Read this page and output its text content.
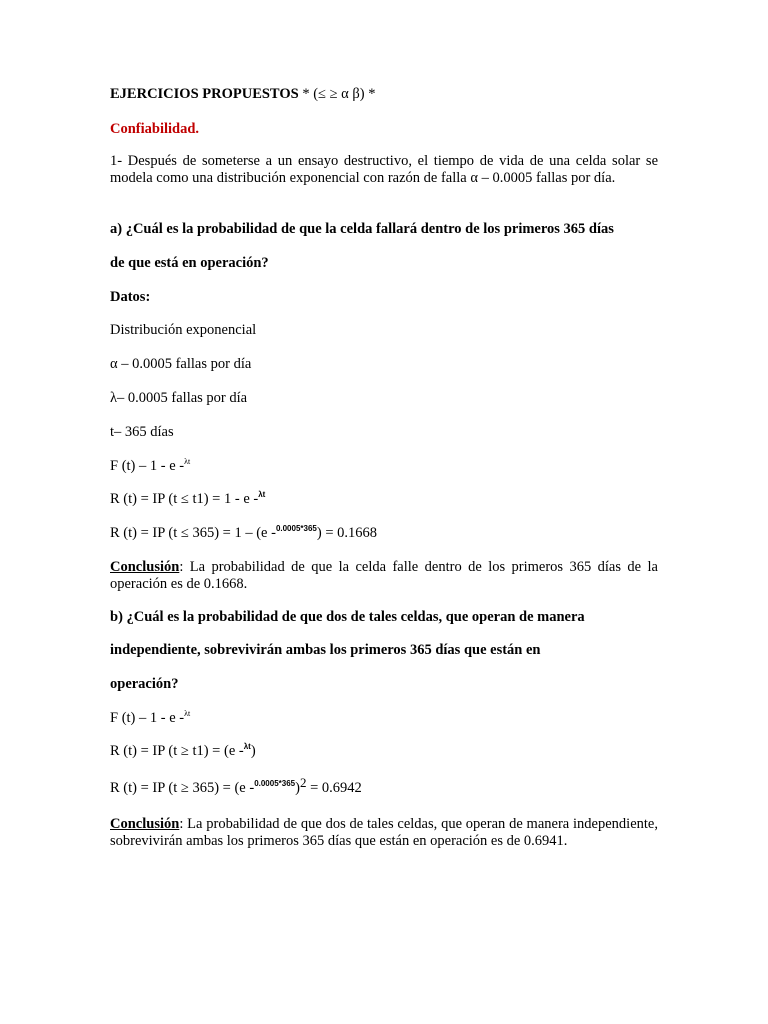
EJERCICIOS PROPUESTOS * (≤ ≥ α β) *
Confiabilidad.
1- Después de someterse a un ensayo destructivo, el tiempo de vida de una celda solar se modela como una distribución exponencial con razón de falla α ‒ 0.0005 fallas por día.
a) ¿Cuál es la probabilidad de que la celda fallará dentro de los primeros 365 días
de que está en operación?
Datos:
Distribución exponencial
α ‒ 0.0005 fallas por día
λ‒ 0.0005 fallas por día
t‒ 365 días
F (t) ‒ 1 - e -$^{\lambda t}$
R (t) = IP (t ≤ t1) = 1 - e -$^{\lambda t}$
R (t) = IP (t ≤ 365) = 1 – (e -$^{0.0005*365}$) = 0.1668
Conclusión: La probabilidad de que la celda falle dentro de los primeros 365 días de la operación es de 0.1668.
b) ¿Cuál es la probabilidad de que dos de tales celdas, que operan de manera
independiente, sobrevivirán ambas los primeros 365 días que están en
operación?
F (t) ‒ 1 - e -$^{\lambda t}$
R (t) = IP (t ≥ t1) = (e -$^{\lambda t}$)
R (t) = IP (t ≥ 365) = (e -$^{0.0005*365}$)$^2$ = 0.6942
Conclusión: La probabilidad de que dos de tales celdas, que operan de manera independiente, sobrevivirán ambas los primeros 365 días que están en operación es de 0.6941.
